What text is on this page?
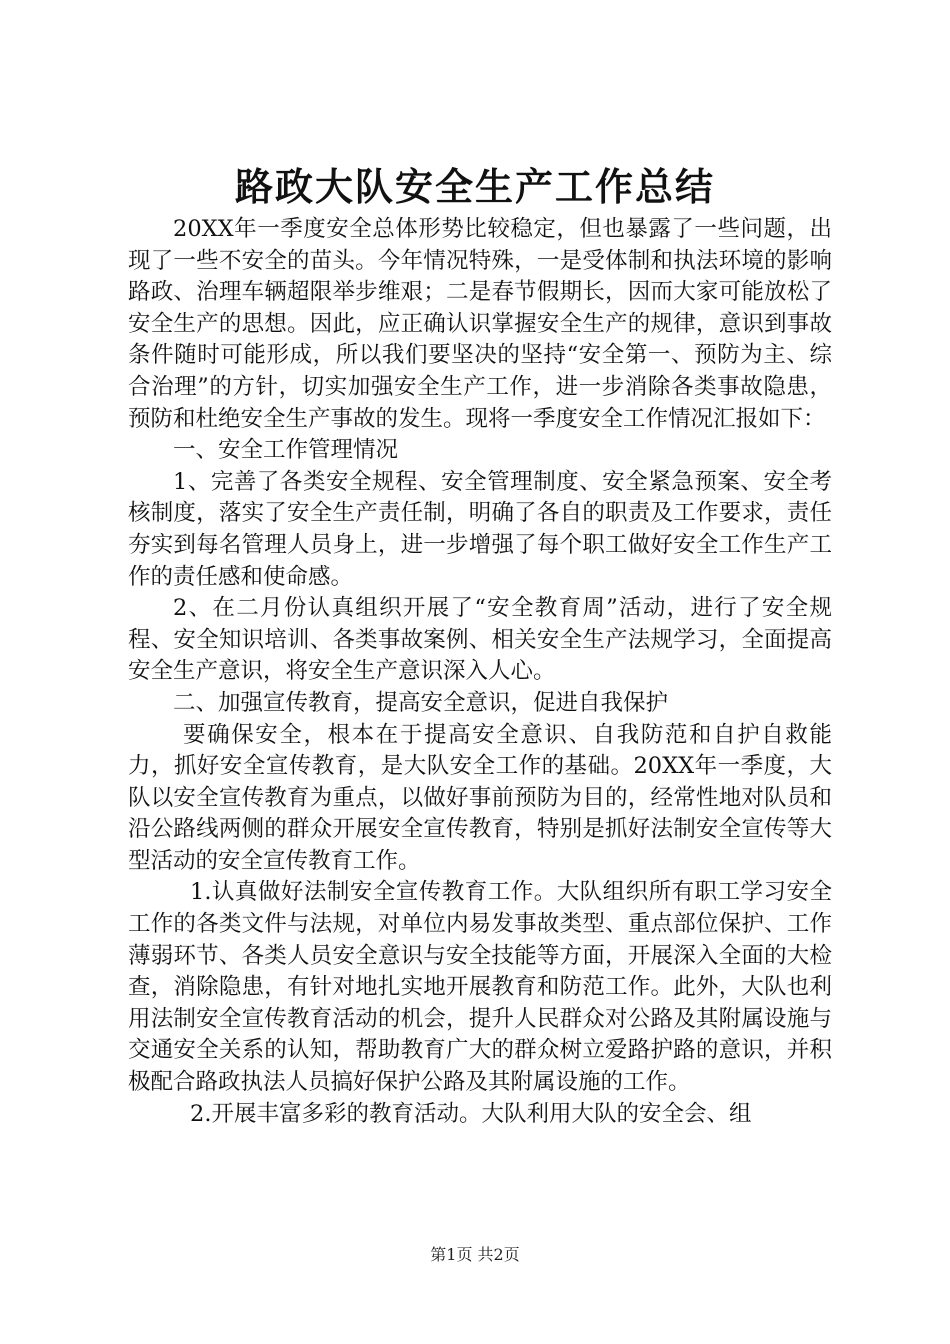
路政大队安全生产工作总结

20XX年一季度安全总体形势比较稳定，但也暴露了一些问题，出现了一些不安全的苗头。今年情况特殊，一是受体制和执法环境的影响路政、治理车辆超限举步维艰；二是春节假期长，因而大家可能放松了安全生产的思想。因此，应正确认识掌握安全生产的规律，意识到事故条件随时可能形成，所以我们要坚决的坚持“安全第一、预防为主、综合治理”的方针，切实加强安全生产工作，进一步消除各类事故隐患，预防和杜绝安全生产事故的发生。现将一季度安全工作情况汇报如下：

一、安全工作管理情况

1、完善了各类安全规程、安全管理制度、安全紧急预案、安全考核制度，落实了安全生产责任制，明确了各自的职责及工作要求，责任夯实到每名管理人员身上，进一步增强了每个职工做好安全工作生产工作的责任感和使命感。

2、在二月份认真组织开展了“安全教育周”活动，进行了安全规程、安全知识培训、各类事故案例、相关安全生产法规学习，全面提高安全生产意识，将安全生产意识深入人心。

二、加强宣传教育，提高安全意识，促进自我保护

要确保安全，根本在于提高安全意识、自我防范和自护自救能力，抓好安全宣传教育，是大队安全工作的基础。20XX年一季度，大队以安全宣传教育为重点，以做好事前预防为目的，经常性地对队员和沿公路线两侧的群众开展安全宣传教育，特别是抓好法制安全宣传等大型活动的安全宣传教育工作。

1.认真做好法制安全宣传教育工作。大队组织所有职工学习安全工作的各类文件与法规，对单位内易发事故类型、重点部位保护、工作薄弱环节、各类人员安全意识与安全技能等方面，开展深入全面的大检查，消除隐患，有针对地扎实地开展教育和防范工作。此外，大队也利用法制安全宣传教育活动的机会，提升人民群众对公路及其附属设施与交通安全关系的认知，帮助教育广大的群众树立爱路护路的意识，并积极配合路政执法人员搞好保护公路及其附属设施的工作。

2.开展丰富多彩的教育活动。大队利用大队的安全会、组

第1页 共2页
